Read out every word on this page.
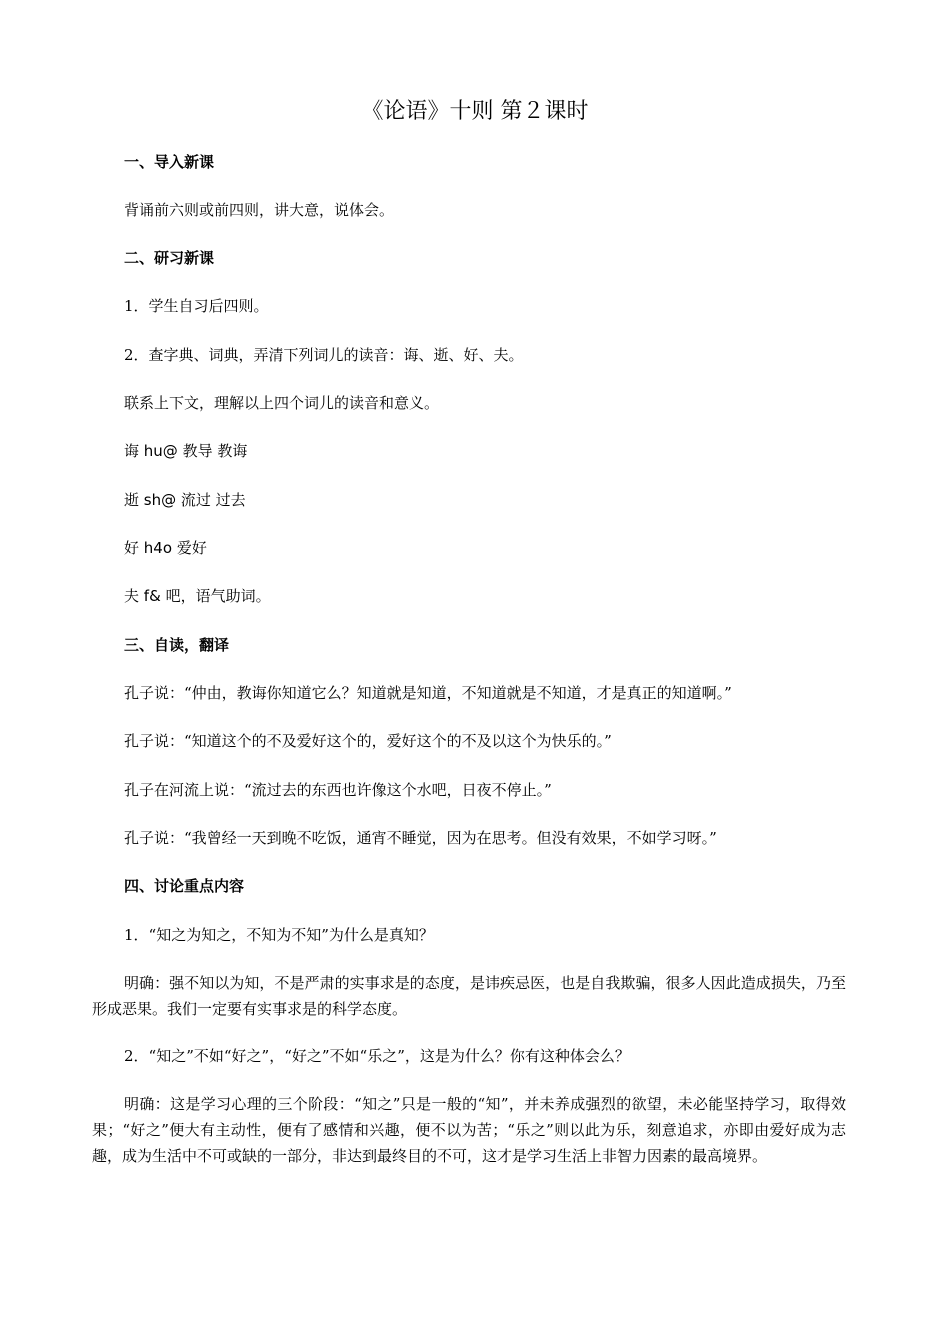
《论语》十则 第２课时
一、导入新课
背诵前六则或前四则，讲大意，说体会。
二、研习新课
1．学生自习后四则。
2．查字典、词典，弄清下列词儿的读音：诲、逝、好、夫。
联系上下文，理解以上四个词儿的读音和意义。
诲 hu@ 教导 教诲
逝 sh@ 流过 过去
好 h4o 爱好
夫 f& 吧，语气助词。
三、自读，翻译
孔子说：“仲由，教诲你知道它么？知道就是知道，不知道就是不知道，才是真正的知道啊。”
孔子说：“知道这个的不及爱好这个的，爱好这个的不及以这个为快乐的。”
孔子在河流上说：“流过去的东西也许像这个水吧，日夜不停止。”
孔子说：“我曾经一天到晚不吃饭，通宵不睡觉，因为在思考。但没有效果，不如学习呀。”
四、讨论重点内容
1．“知之为知之，不知为不知”为什么是真知？
明确：强不知以为知，不是严肃的实事求是的态度，是讳疾忌医，也是自我欺骗，很多人因此造成损失，乃至形成恶果。我们一定要有实事求是的科学态度。
2．“知之”不如“好之”，“好之”不如“乐之”，这是为什么？你有这种体会么？
明确：这是学习心理的三个阶段：“知之”只是一般的“知”，并未养成强烈的欲望，未必能坚持学习，取得效果；“好之”便大有主动性，便有了感情和兴趣，便不以为苦；“乐之”则以此为乐，刻意追求，亦即由爱好成为志趣，成为生活中不可或缺的一部分，非达到最终目的不可，这才是学习生活上非智力因素的最高境界。
